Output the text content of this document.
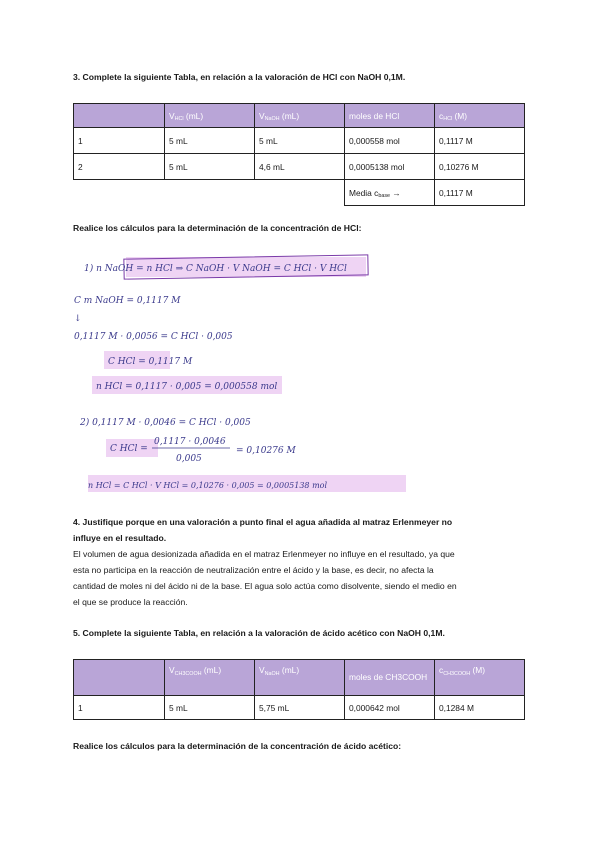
3. Complete la siguiente Tabla, en relación a la valoración de HCl con NaOH 0,1M.

	VHCl (mL)	VNaOH (mL)	moles de HCl	cHCl (M)
1	5 mL	5 mL	0,000558 mol	0,1117 M
2	5 mL	4,6 mL	0,0005138 mol	0,10276 M
			Media cbase →	0,1117 M

Realice los cálculos para la determinación de la concentración de HCl:

1) n NaOH = n HCl ⇒ C NaOH · V NaOH = C HCl · V HCl
C m NaOH = 0,1117 M
↓
0,1117 M · 0,0056 = C HCl · 0,005
C HCl = 0,1117 M
n HCl = 0,1117 · 0,005 = 0,000558 mol
2) 0,1117 M · 0,0046 = C HCl · 0,005
C HCl =
0,1117 · 0,0046
0,005
= 0,10276 M
n HCl = C HCl · V HCl = 0,10276 · 0,005 = 0,0005138 mol

4. Justifique porque en una valoración a punto final el agua añadida al matraz Erlenmeyer no

influye en el resultado.

El volumen de agua desionizada añadida en el matraz Erlenmeyer no influye en el resultado, ya que

esta no participa en la reacción de neutralización entre el ácido y la base, es decir, no afecta la

cantidad de moles ni del ácido ni de la base. El agua solo actúa como disolvente, siendo el medio en

el que se produce la reacción.

5. Complete la siguiente Tabla, en relación a la valoración de ácido acético con NaOH 0,1M.

	VCH3COOH (mL)	VNaOH (mL)	moles de CH3COOH	cCH3COOH (M)
1	5 mL	5,75 mL	0,000642 mol	0,1284 M

Realice los cálculos para la determinación de la concentración de ácido acético:
